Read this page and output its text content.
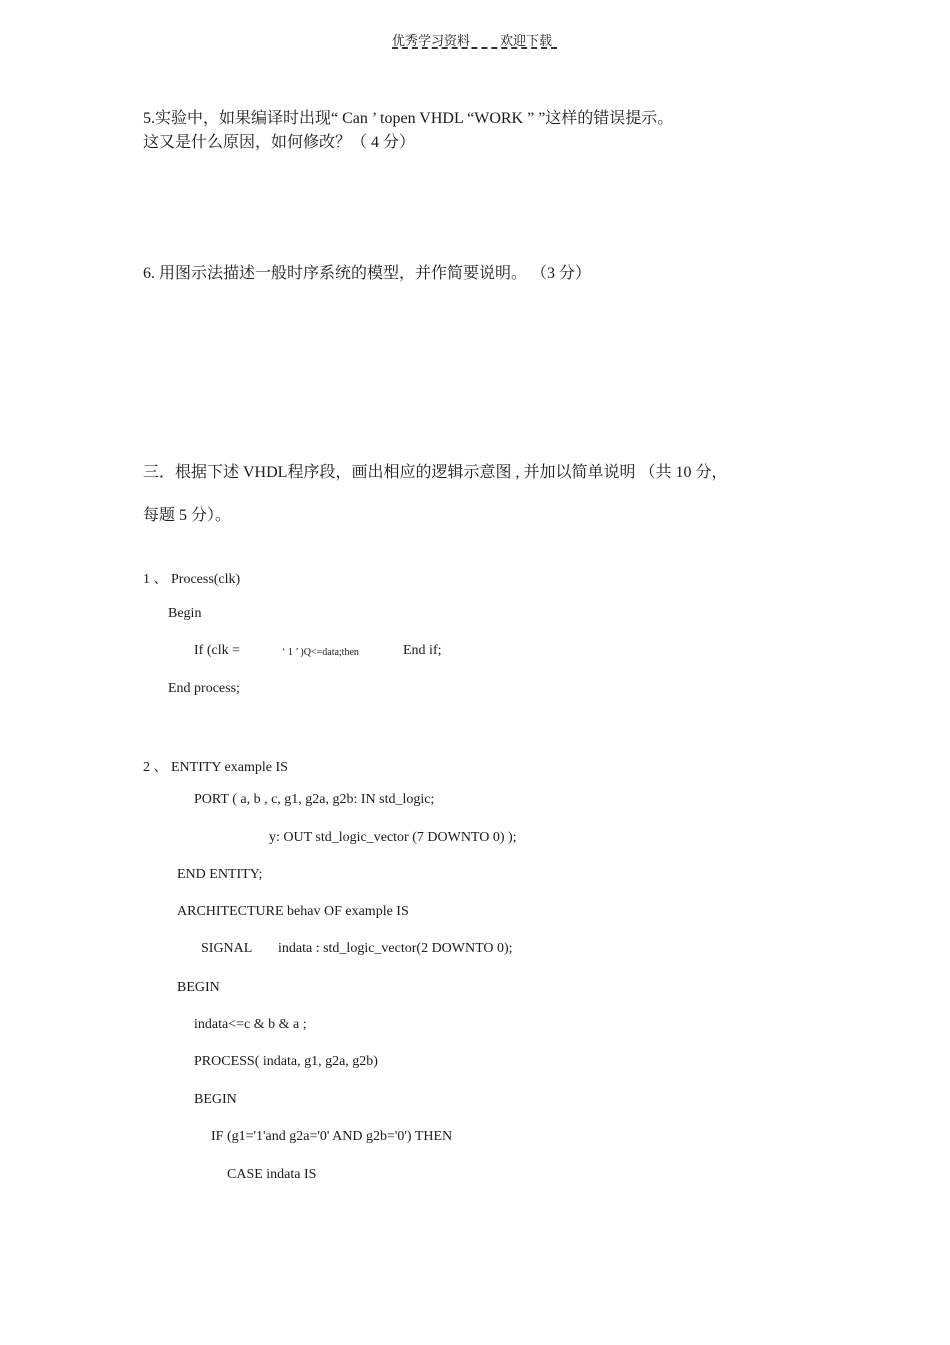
优秀学习资料 欢迎下载
5.实验中，如果编译时出现“ Can ’ topen VHDL “WORK ” ”这样的错误提示。
这又是什么原因，如何修改？（ 4 分）
6. 用图示法描述一般时序系统的模型，并作简要说明。 （3 分）
三．根据下述 VHDL程序段，画出相应的逻辑示意图 , 并加以简单说明 （共 10 分，
每题 5 分）。
1 、 Process(clk)
Begin
If (clk =	‘ 1 ’ )Q<=data;then	End if;
End process;
2 、 ENTITY example IS
PORT ( a, b , c, g1, g2a, g2b: IN std_logic;
y: OUT std_logic_vector (7 DOWNTO 0) );
END ENTITY;
ARCHITECTURE behav OF example IS
SIGNAL indata : std_logic_vector(2 DOWNTO 0);
BEGIN
indata<=c & b & a ;
PROCESS( indata, g1, g2a, g2b)
BEGIN
IF (g1='1'and g2a='0' AND g2b='0') THEN
CASE indata IS
